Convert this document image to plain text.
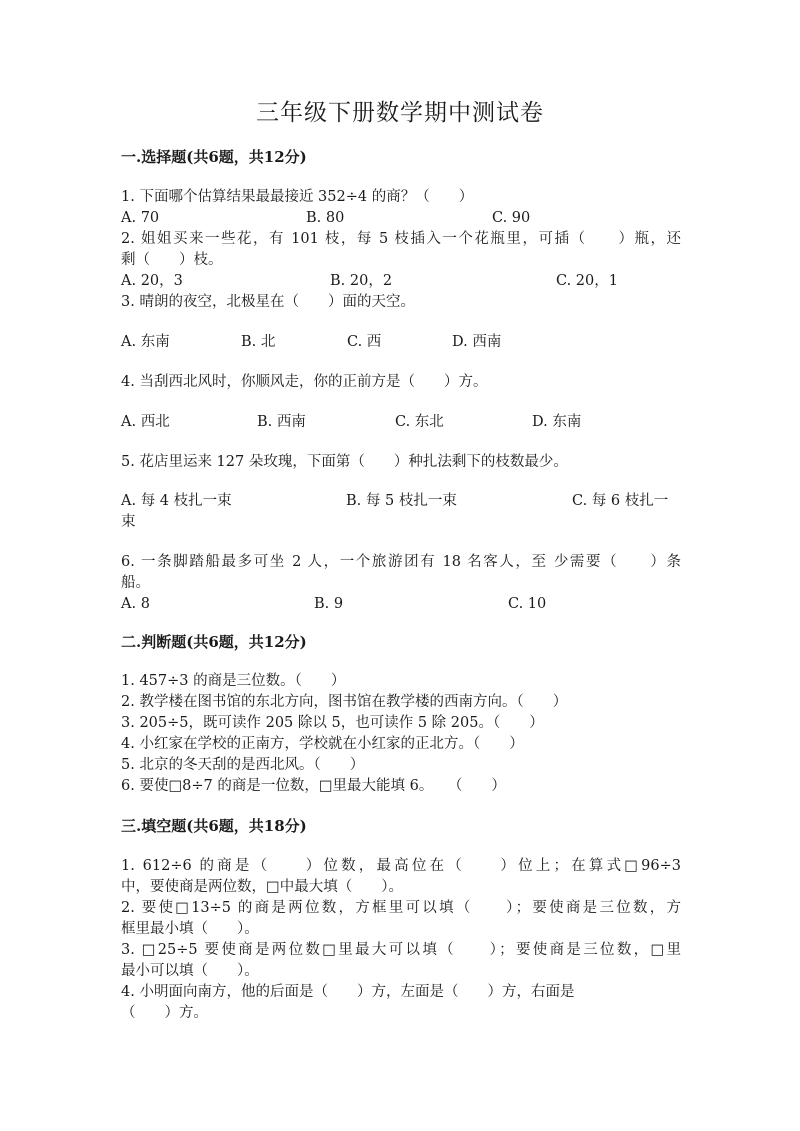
三年级下册数学期中测试卷
一.选择题(共6题，共12分)
1. 下面哪个估算结果最最接近 352÷4 的商？（　　）
A. 70	B. 80	C. 90
2. 姐姐买来一些花，有 101 枝，每 5 枝插入一个花瓶里，可插（　　）瓶，还
剩（　　）枝。
A. 20，3	B. 20，2	C. 20，1
3. 晴朗的夜空，北极星在（　　）面的天空。
A. 东南	B. 北	C. 西	D. 西南
4. 当刮西北风时，你顺风走，你的正前方是（　　）方。
A. 西北	B. 西南	C. 东北	D. 东南
5. 花店里运来 127 朵玫瑰，下面第（　　）种扎法剩下的枝数最少。
A. 每 4 枝扎一束	B. 每 5 枝扎一束	C. 每 6 枝扎一
束
6. 一条脚踏船最多可坐 2 人，一个旅游团有 18 名客人，至 少需要（　　）条
船。
A. 8	B. 9	C. 10
二.判断题(共6题，共12分)
1. 457÷3 的商是三位数。（　　）
2. 教学楼在图书馆的东北方向，图书馆在教学楼的西南方向。（　　）
3. 205÷5，既可读作 205 除以 5，也可读作 5 除 205。（　　）
4. 小红家在学校的正南方，学校就在小红家的正北方。（　　）
5. 北京的冬天刮的是西北风。（　　）
6. 要使□8÷7 的商是一位数，□里最大能填 6。　　（　　）
三.填空题(共6题，共18分)
1. 612÷6 的商是（　　）位数，最高位在（　　）位上；在算式□96÷3
中，要使商是两位数，□中最大填（　　）。
2. 要使□13÷5 的商是两位数，方框里可以填（　　）；要使商是三位数，方
框里最小填（　　）。
3. □25÷5 要使商是两位数□里最大可以填（　　）；要使商是三位数，□里
最小可以填（　　）。
4. 小明面向南方，他的后面是（　　）方，左面是（　　）方，右面是
（　　）方。
